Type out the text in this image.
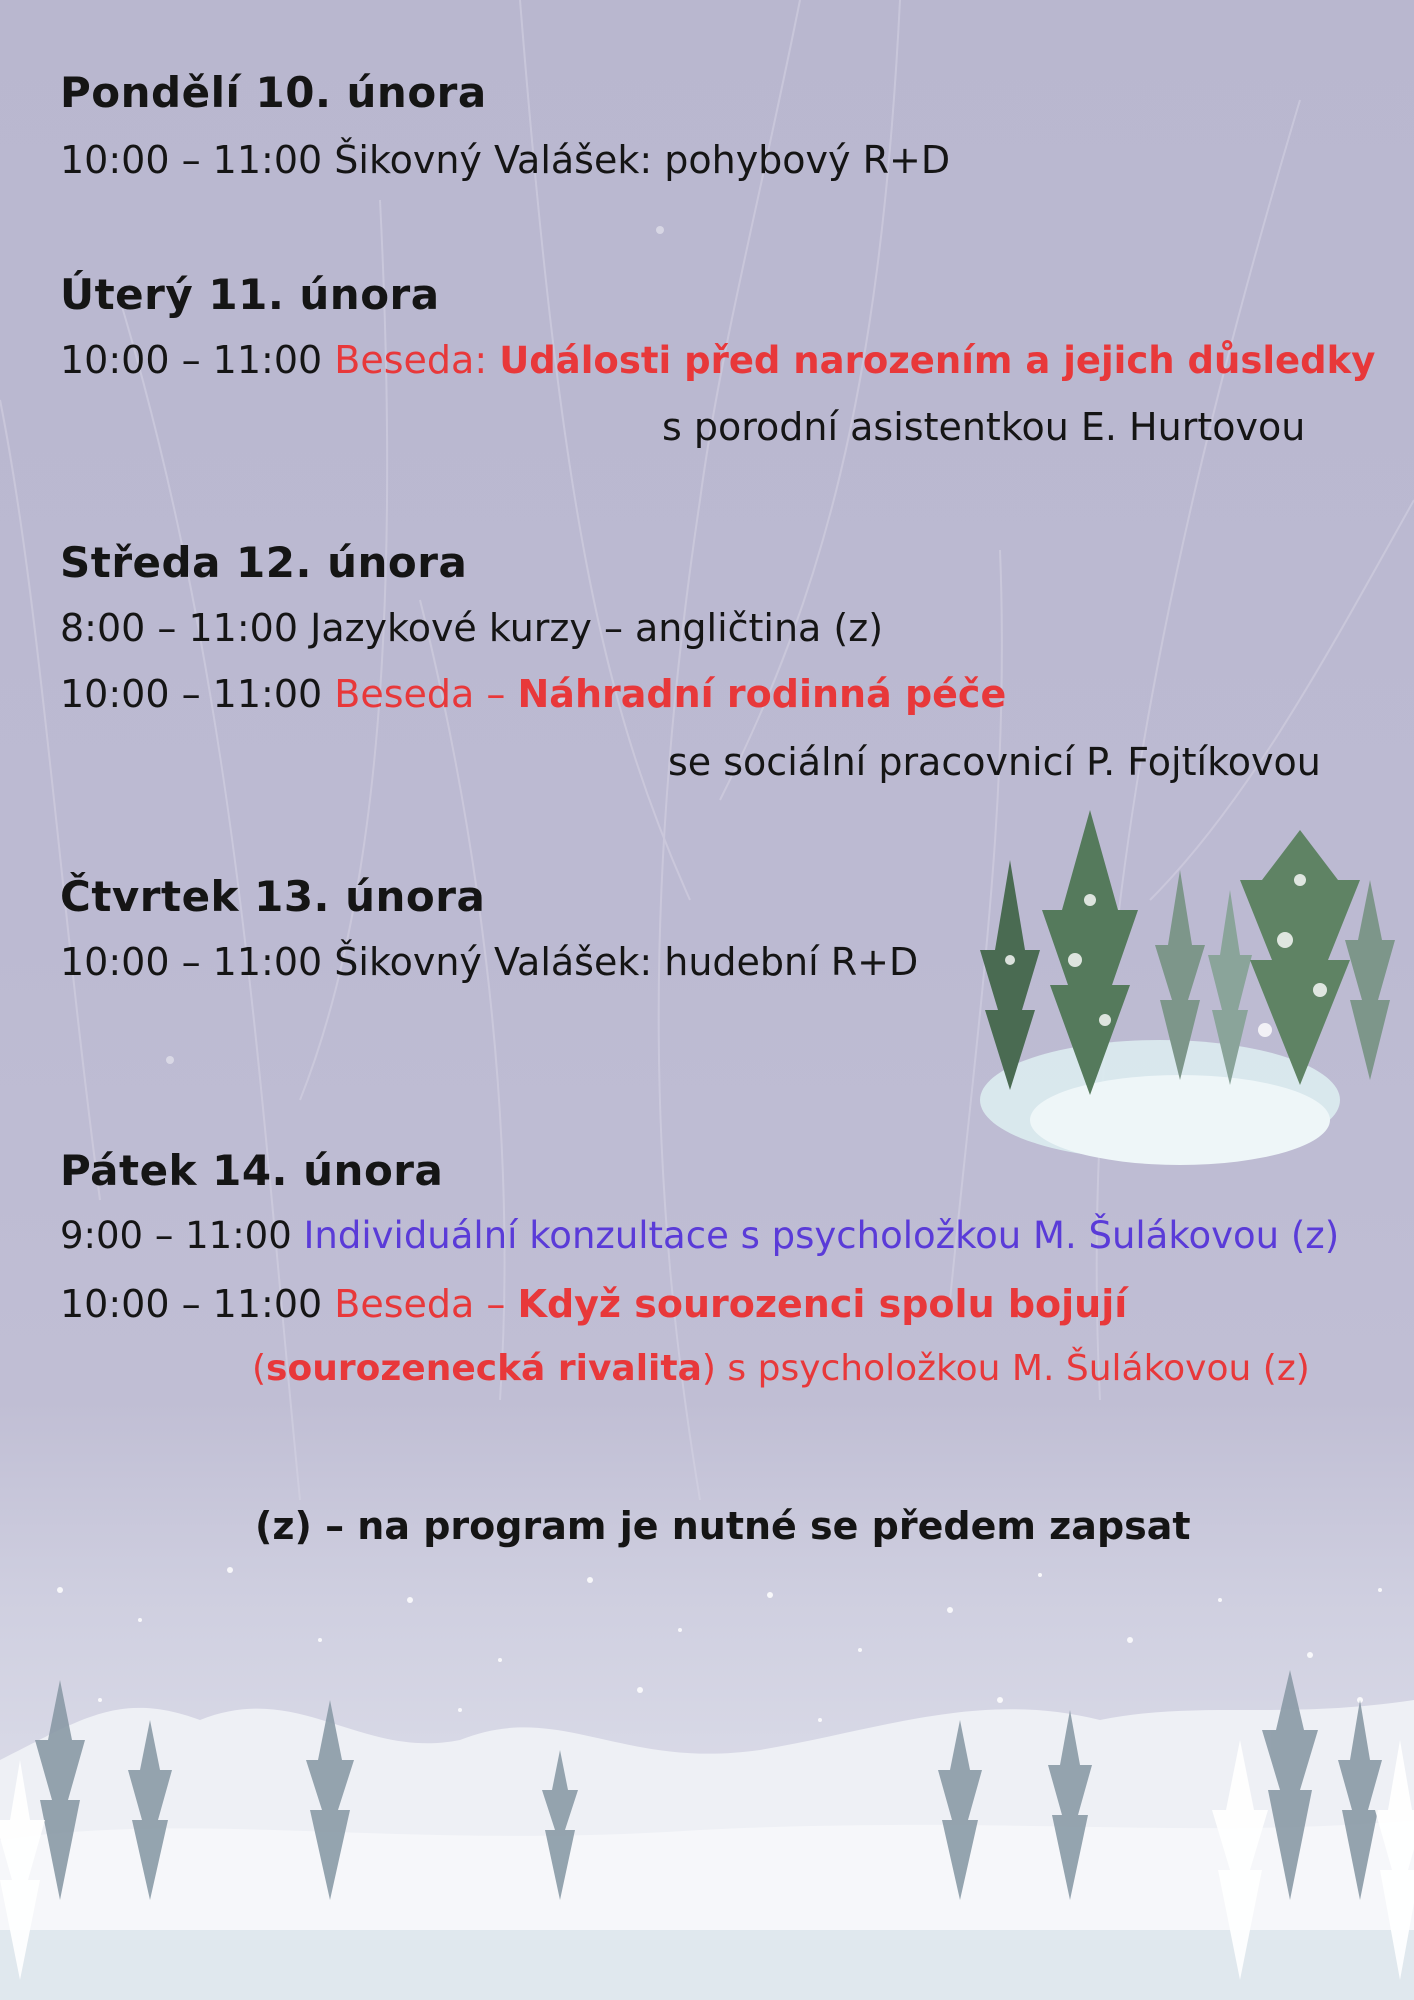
Pondělí 10. února
10:00 – 11:00 Šikovný Valášek: pohybový R+D
Úterý 11. února
10:00 – 11:00 Beseda: Události před narozením a jejich důsledky
s porodní asistentkou E. Hurtovou
Středa 12. února
8:00 – 11:00 Jazykové kurzy – angličtina (z)
10:00 – 11:00 Beseda – Náhradní rodinná péče
se sociální pracovnicí P. Fojtíkovou
Čtvrtek 13. února
10:00 – 11:00 Šikovný Valášek: hudební R+D
Pátek 14. února
9:00 – 11:00 Individuální konzultace s psycholožkou M. Šulákovou (z)
10:00 – 11:00 Beseda – Když sourozenci spolu bojují
(sourozenecká rivalita) s psycholožkou M. Šulákovou (z)
(z) – na program je nutné se předem zapsat
